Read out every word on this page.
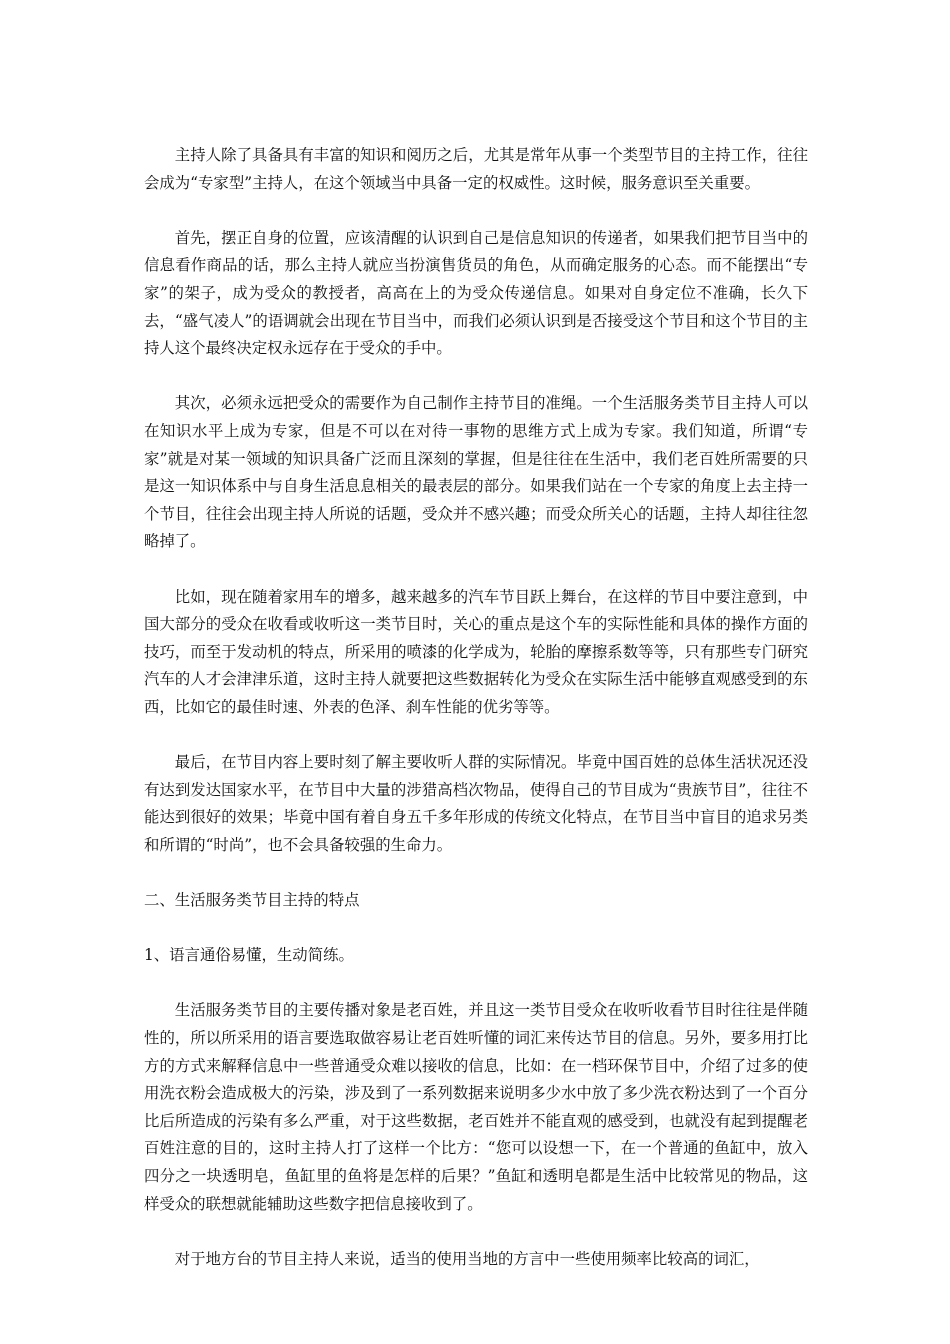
主持人除了具备具有丰富的知识和阅历之后，尤其是常年从事一个类型节目的主持工作，往往会成为“专家型”主持人，在这个领域当中具备一定的权威性。这时候，服务意识至关重要。

首先，摆正自身的位置，应该清醒的认识到自己是信息知识的传递者，如果我们把节目当中的信息看作商品的话，那么主持人就应当扮演售货员的角色，从而确定服务的心态。而不能摆出“专家”的架子，成为受众的教授者，高高在上的为受众传递信息。如果对自身定位不准确，长久下去，“盛气凌人”的语调就会出现在节目当中，而我们必须认识到是否接受这个节目和这个节目的主持人这个最终决定权永远存在于受众的手中。

其次，必须永远把受众的需要作为自己制作主持节目的准绳。一个生活服务类节目主持人可以在知识水平上成为专家，但是不可以在对待一事物的思维方式上成为专家。我们知道，所谓“专家”就是对某一领域的知识具备广泛而且深刻的掌握，但是往往在生活中，我们老百姓所需要的只是这一知识体系中与自身生活息息相关的最表层的部分。如果我们站在一个专家的角度上去主持一个节目，往往会出现主持人所说的话题，受众并不感兴趣；而受众所关心的话题，主持人却往往忽略掉了。

比如，现在随着家用车的增多，越来越多的汽车节目跃上舞台，在这样的节目中要注意到，中国大部分的受众在收看或收听这一类节目时，关心的重点是这个车的实际性能和具体的操作方面的技巧，而至于发动机的特点，所采用的喷漆的化学成为，轮胎的摩擦系数等等，只有那些专门研究汽车的人才会津津乐道，这时主持人就要把这些数据转化为受众在实际生活中能够直观感受到的东西，比如它的最佳时速、外表的色泽、刹车性能的优劣等等。

最后，在节目内容上要时刻了解主要收听人群的实际情况。毕竟中国百姓的总体生活状况还没有达到发达国家水平，在节目中大量的涉猎高档次物品，使得自己的节目成为“贵族节目”，往往不能达到很好的效果；毕竟中国有着自身五千多年形成的传统文化特点，在节目当中盲目的追求另类和所谓的“时尚”，也不会具备较强的生命力。

二、生活服务类节目主持的特点

1、语言通俗易懂，生动简练。

生活服务类节目的主要传播对象是老百姓，并且这一类节目受众在收听收看节目时往往是伴随性的，所以所采用的语言要选取做容易让老百姓听懂的词汇来传达节目的信息。另外，要多用打比方的方式来解释信息中一些普通受众难以接收的信息，比如：在一档环保节目中，介绍了过多的使用洗衣粉会造成极大的污染，涉及到了一系列数据来说明多少水中放了多少洗衣粉达到了一个百分比后所造成的污染有多么严重，对于这些数据，老百姓并不能直观的感受到，也就没有起到提醒老百姓注意的目的，这时主持人打了这样一个比方：“您可以设想一下，在一个普通的鱼缸中，放入四分之一块透明皂，鱼缸里的鱼将是怎样的后果？”鱼缸和透明皂都是生活中比较常见的物品，这样受众的联想就能辅助这些数字把信息接收到了。

对于地方台的节目主持人来说，适当的使用当地的方言中一些使用频率比较高的词汇，
